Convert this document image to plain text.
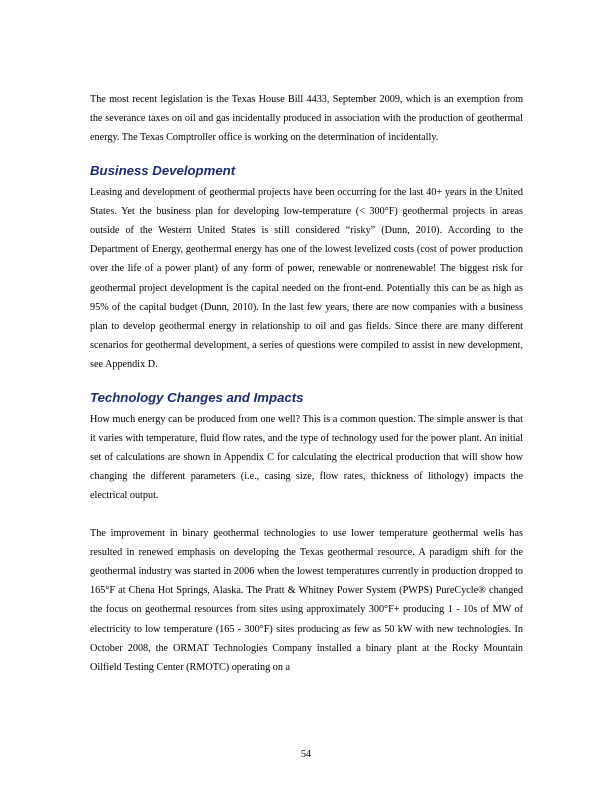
The most recent legislation is the Texas House Bill 4433, September 2009, which is an exemption from the severance taxes on oil and gas incidentally produced in association with the production of geothermal energy. The Texas Comptroller office is working on the determination of incidentally.

Business Development

Leasing and development of geothermal projects have been occurring for the last 40+ years in the United States. Yet the business plan for developing low-temperature (< 300°F) geothermal projects in areas outside of the Western United States is still considered “risky” (Dunn, 2010). According to the Department of Energy, geothermal energy has one of the lowest levelized costs (cost of power production over the life of a power plant) of any form of power, renewable or nonrenewable! The biggest risk for geothermal project development is the capital needed on the front-end. Potentially this can be as high as 95% of the capital budget (Dunn, 2010). In the last few years, there are now companies with a business plan to develop geothermal energy in relationship to oil and gas fields. Since there are many different scenarios for geothermal development, a series of questions were compiled to assist in new development, see Appendix D.

Technology Changes and Impacts

How much energy can be produced from one well? This is a common question. The simple answer is that it varies with temperature, fluid flow rates, and the type of technology used for the power plant. An initial set of calculations are shown in Appendix C for calculating the electrical production that will show how changing the different parameters (i.e., casing size, flow rates, thickness of lithology) impacts the electrical output.

The improvement in binary geothermal technologies to use lower temperature geothermal wells has resulted in renewed emphasis on developing the Texas geothermal resource. A paradigm shift for the geothermal industry was started in 2006 when the lowest temperatures currently in production dropped to 165°F at Chena Hot Springs, Alaska. The Pratt & Whitney Power System (PWPS) PureCycle® changed the focus on geothermal resources from sites using approximately 300°F+ producing 1 - 10s of MW of electricity to low temperature (165 - 300°F) sites producing as few as 50 kW with new technologies. In October 2008, the ORMAT Technologies Company installed a binary plant at the Rocky Mountain Oilfield Testing Center (RMOTC) operating on a

54
